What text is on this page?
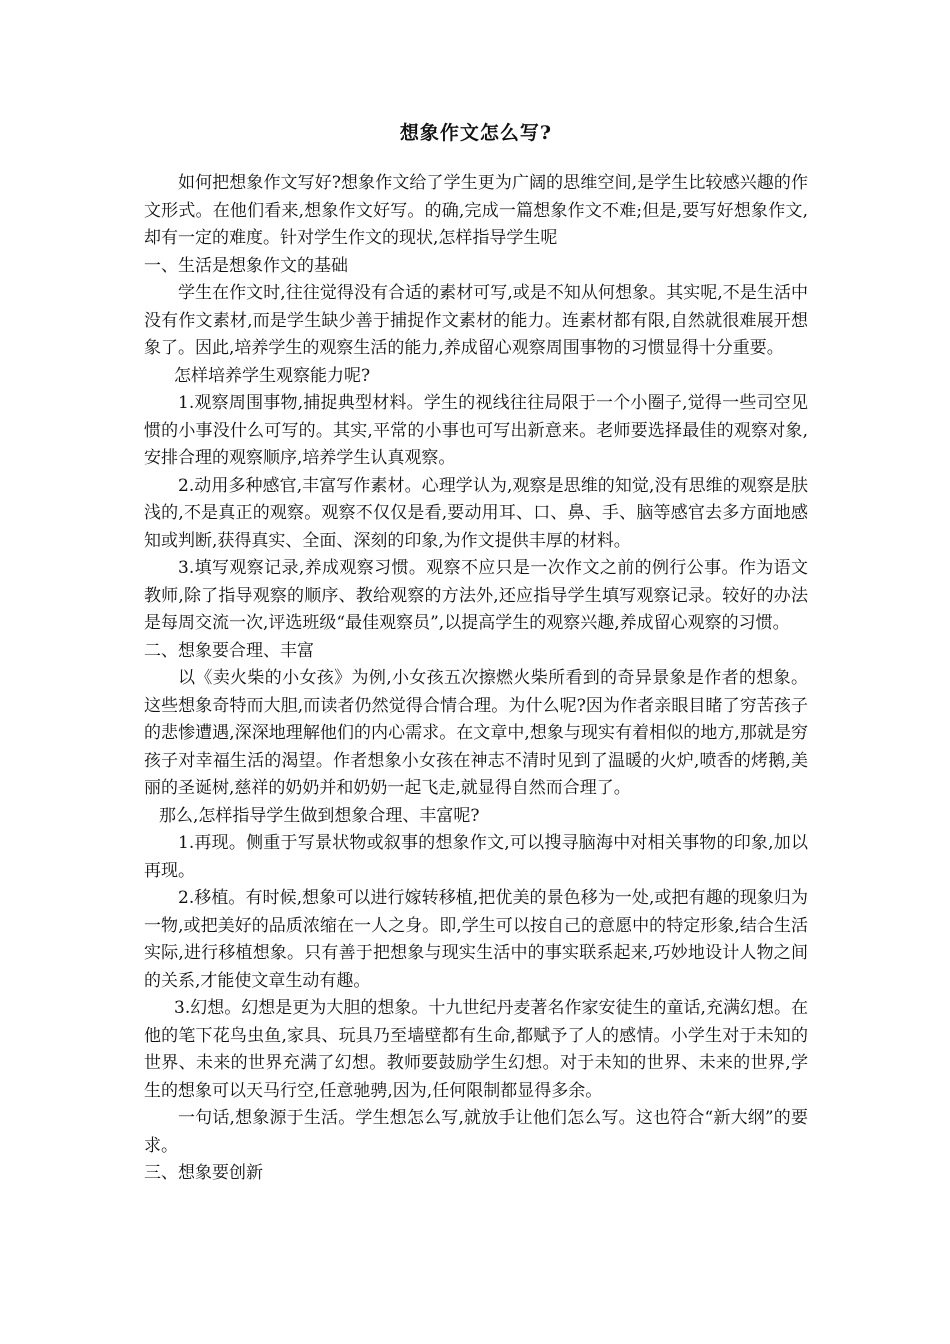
想象作文怎么写?

如何把想象作文写好?想象作文给了学生更为广阔的思维空间,是学生比较感兴趣的作文形式。在他们看来,想象作文好写。的确,完成一篇想象作文不难;但是,要写好想象作文,却有一定的难度。针对学生作文的现状,怎样指导学生呢

一、生活是想象作文的基础

学生在作文时,往往觉得没有合适的素材可写,或是不知从何想象。其实呢,不是生活中没有作文素材,而是学生缺少善于捕捉作文素材的能力。连素材都有限,自然就很难展开想象了。因此,培养学生的观察生活的能力,养成留心观察周围事物的习惯显得十分重要。

怎样培养学生观察能力呢?

1.观察周围事物,捕捉典型材料。学生的视线往往局限于一个小圈子,觉得一些司空见惯的小事没什么可写的。其实,平常的小事也可写出新意来。老师要选择最佳的观察对象,安排合理的观察顺序,培养学生认真观察。

2.动用多种感官,丰富写作素材。心理学认为,观察是思维的知觉,没有思维的观察是肤浅的,不是真正的观察。观察不仅仅是看,要动用耳、口、鼻、手、脑等感官去多方面地感知或判断,获得真实、全面、深刻的印象,为作文提供丰厚的材料。

3.填写观察记录,养成观察习惯。观察不应只是一次作文之前的例行公事。作为语文教师,除了指导观察的顺序、教给观察的方法外,还应指导学生填写观察记录。较好的办法是每周交流一次,评选班级“最佳观察员”,以提高学生的观察兴趣,养成留心观察的习惯。

二、想象要合理、丰富

以《卖火柴的小女孩》为例,小女孩五次擦燃火柴所看到的奇异景象是作者的想象。这些想象奇特而大胆,而读者仍然觉得合情合理。为什么呢?因为作者亲眼目睹了穷苦孩子的悲惨遭遇,深深地理解他们的内心需求。在文章中,想象与现实有着相似的地方,那就是穷孩子对幸福生活的渴望。作者想象小女孩在神志不清时见到了温暖的火炉,喷香的烤鹅,美丽的圣诞树,慈祥的奶奶并和奶奶一起飞走,就显得自然而合理了。

那么,怎样指导学生做到想象合理、丰富呢?

1.再现。侧重于写景状物或叙事的想象作文,可以搜寻脑海中对相关事物的印象,加以再现。

2.移植。有时候,想象可以进行嫁转移植,把优美的景色移为一处,或把有趣的现象归为一物,或把美好的品质浓缩在一人之身。即,学生可以按自己的意愿中的特定形象,结合生活实际,进行移植想象。只有善于把想象与现实生活中的事实联系起来,巧妙地设计人物之间的关系,才能使文章生动有趣。

3.幻想。幻想是更为大胆的想象。十九世纪丹麦著名作家安徒生的童话,充满幻想。在他的笔下花鸟虫鱼,家具、玩具乃至墙壁都有生命,都赋予了人的感情。小学生对于未知的世界、未来的世界充满了幻想。教师要鼓励学生幻想。对于未知的世界、未来的世界,学生的想象可以天马行空,任意驰骋,因为,任何限制都显得多余。

一句话,想象源于生活。学生想怎么写,就放手让他们怎么写。这也符合“新大纲”的要求。

三、想象要创新
